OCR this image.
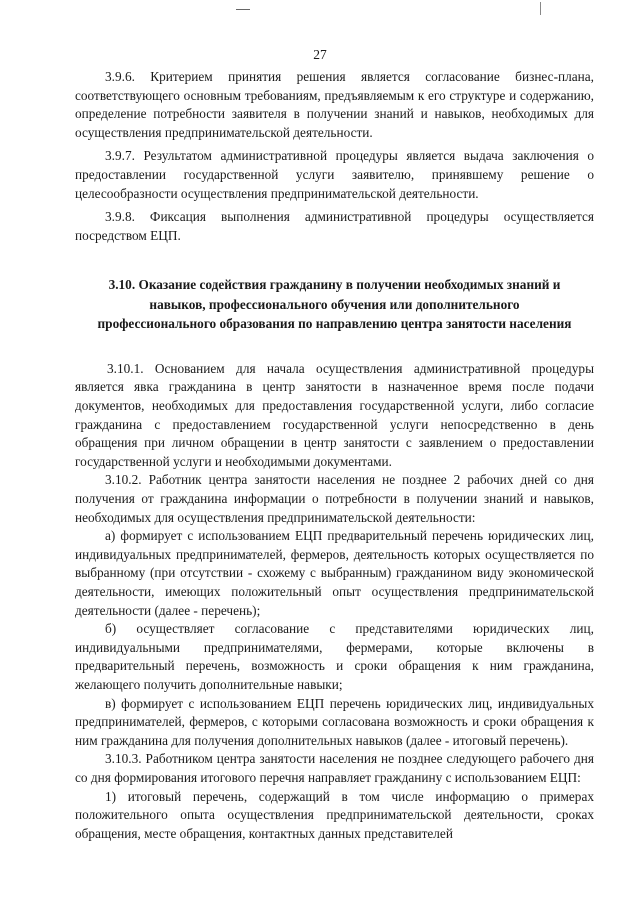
27

3.9.6. Критерием принятия решения является согласование бизнес-плана, соответствующего основным требованиям, предъявляемым к его структуре и содержанию, определение потребности заявителя в получении знаний и навыков, необходимых для осуществления предпринимательской деятельности.

3.9.7. Результатом административной процедуры является выдача заключения о предоставлении государственной услуги заявителю, принявшему решение о целесообразности осуществления предпринимательской деятельности.

3.9.8. Фиксация выполнения административной процедуры осуществляется посредством ЕЦП.

3.10. Оказание содействия гражданину в получении необходимых знаний и навыков, профессионального обучения или дополнительного профессионального образования по направлению центра занятости населения

3.10.1. Основанием для начала осуществления административной процедуры является явка гражданина в центр занятости в назначенное время после подачи документов, необходимых для предоставления государственной услуги, либо согласие гражданина с предоставлением государственной услуги непосредственно в день обращения при личном обращении в центр занятости с заявлением о предоставлении государственной услуги и необходимыми документами.

3.10.2. Работник центра занятости населения не позднее 2 рабочих дней со дня получения от гражданина информации о потребности в получении знаний и навыков, необходимых для осуществления предпринимательской деятельности:

а) формирует с использованием ЕЦП предварительный перечень юридических лиц, индивидуальных предпринимателей, фермеров, деятельность которых осуществляется по выбранному (при отсутствии - схожему с выбранным) гражданином виду экономической деятельности, имеющих положительный опыт осуществления предпринимательской деятельности (далее - перечень);

б) осуществляет согласование с представителями юридических лиц, индивидуальными предпринимателями, фермерами, которые включены в предварительный перечень, возможность и сроки обращения к ним гражданина, желающего получить дополнительные навыки;

в) формирует с использованием ЕЦП перечень юридических лиц, индивидуальных предпринимателей, фермеров, с которыми согласована возможность и сроки обращения к ним гражданина для получения дополнительных навыков (далее - итоговый перечень).

3.10.3. Работником центра занятости населения не позднее следующего рабочего дня со дня формирования итогового перечня направляет гражданину с использованием ЕЦП:

1) итоговый перечень, содержащий в том числе информацию о примерах положительного опыта осуществления предпринимательской деятельности, сроках обращения, месте обращения, контактных данных представителей
